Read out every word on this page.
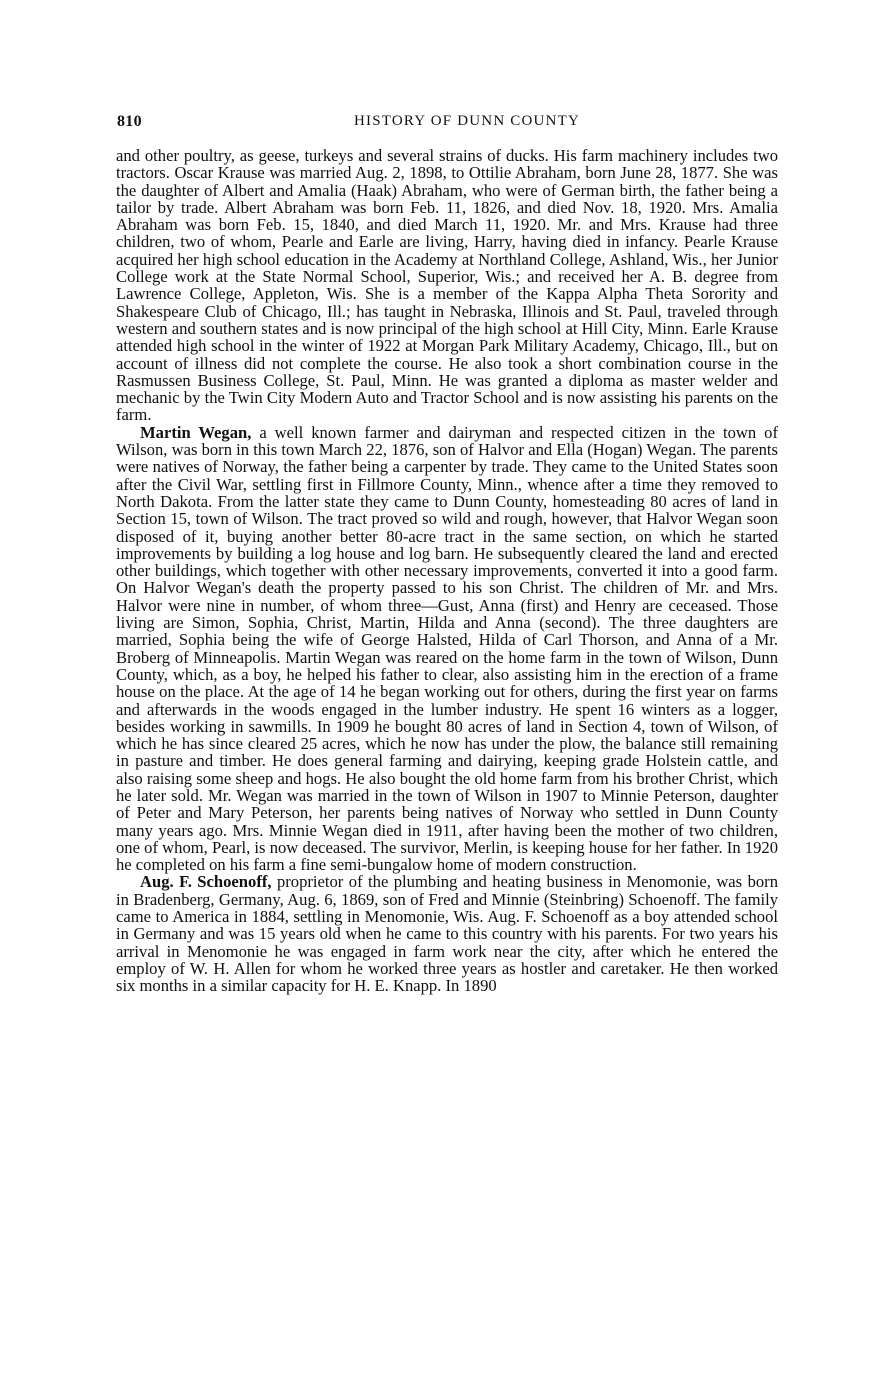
810	HISTORY OF DUNN COUNTY

and other poultry, as geese, turkeys and several strains of ducks. His farm machinery includes two tractors. Oscar Krause was married Aug. 2, 1898, to Ottilie Abraham, born June 28, 1877. She was the daughter of Albert and Amalia (Haak) Abraham, who were of German birth, the father being a tailor by trade. Albert Abraham was born Feb. 11, 1826, and died Nov. 18, 1920. Mrs. Amalia Abraham was born Feb. 15, 1840, and died March 11, 1920. Mr. and Mrs. Krause had three children, two of whom, Pearle and Earle are living, Harry, having died in infancy. Pearle Krause acquired her high school education in the Academy at Northland College, Ashland, Wis., her Junior College work at the State Normal School, Superior, Wis.; and received her A. B. degree from Lawrence College, Appleton, Wis. She is a member of the Kappa Alpha Theta Sorority and Shakespeare Club of Chicago, Ill.; has taught in Nebraska, Illinois and St. Paul, traveled through western and southern states and is now principal of the high school at Hill City, Minn. Earle Krause attended high school in the winter of 1922 at Morgan Park Military Academy, Chicago, Ill., but on account of illness did not complete the course. He also took a short combination course in the Rasmussen Business College, St. Paul, Minn. He was granted a diploma as master welder and mechanic by the Twin City Modern Auto and Tractor School and is now assisting his parents on the farm.

Martin Wegan, a well known farmer and dairyman and respected citizen in the town of Wilson, was born in this town March 22, 1876, son of Halvor and Ella (Hogan) Wegan. The parents were natives of Norway, the father being a carpenter by trade. They came to the United States soon after the Civil War, settling first in Fillmore County, Minn., whence after a time they removed to North Dakota. From the latter state they came to Dunn County, homesteading 80 acres of land in Section 15, town of Wilson. The tract proved so wild and rough, however, that Halvor Wegan soon disposed of it, buying another better 80-acre tract in the same section, on which he started improvements by building a log house and log barn. He subsequently cleared the land and erected other buildings, which together with other necessary improvements, converted it into a good farm. On Halvor Wegan's death the property passed to his son Christ. The children of Mr. and Mrs. Halvor were nine in number, of whom three—Gust, Anna (first) and Henry are ceceased. Those living are Simon, Sophia, Christ, Martin, Hilda and Anna (second). The three daughters are married, Sophia being the wife of George Halsted, Hilda of Carl Thorson, and Anna of a Mr. Broberg of Minneapolis. Martin Wegan was reared on the home farm in the town of Wilson, Dunn County, which, as a boy, he helped his father to clear, also assisting him in the erection of a frame house on the place. At the age of 14 he began working out for others, during the first year on farms and afterwards in the woods engaged in the lumber industry. He spent 16 winters as a logger, besides working in sawmills. In 1909 he bought 80 acres of land in Section 4, town of Wilson, of which he has since cleared 25 acres, which he now has under the plow, the balance still remaining in pasture and timber. He does general farming and dairying, keeping grade Holstein cattle, and also raising some sheep and hogs. He also bought the old home farm from his brother Christ, which he later sold. Mr. Wegan was married in the town of Wilson in 1907 to Minnie Peterson, daughter of Peter and Mary Peterson, her parents being natives of Norway who settled in Dunn County many years ago. Mrs. Minnie Wegan died in 1911, after having been the mother of two children, one of whom, Pearl, is now deceased. The survivor, Merlin, is keeping house for her father. In 1920 he completed on his farm a fine semi-bungalow home of modern construction.

Aug. F. Schoenoff, proprietor of the plumbing and heating business in Menomonie, was born in Bradenberg, Germany, Aug. 6, 1869, son of Fred and Minnie (Steinbring) Schoenoff. The family came to America in 1884, settling in Menomonie, Wis. Aug. F. Schoenoff as a boy attended school in Germany and was 15 years old when he came to this country with his parents. For two years his arrival in Menomonie he was engaged in farm work near the city, after which he entered the employ of W. H. Allen for whom he worked three years as hostler and caretaker. He then worked six months in a similar capacity for H. E. Knapp. In 1890
